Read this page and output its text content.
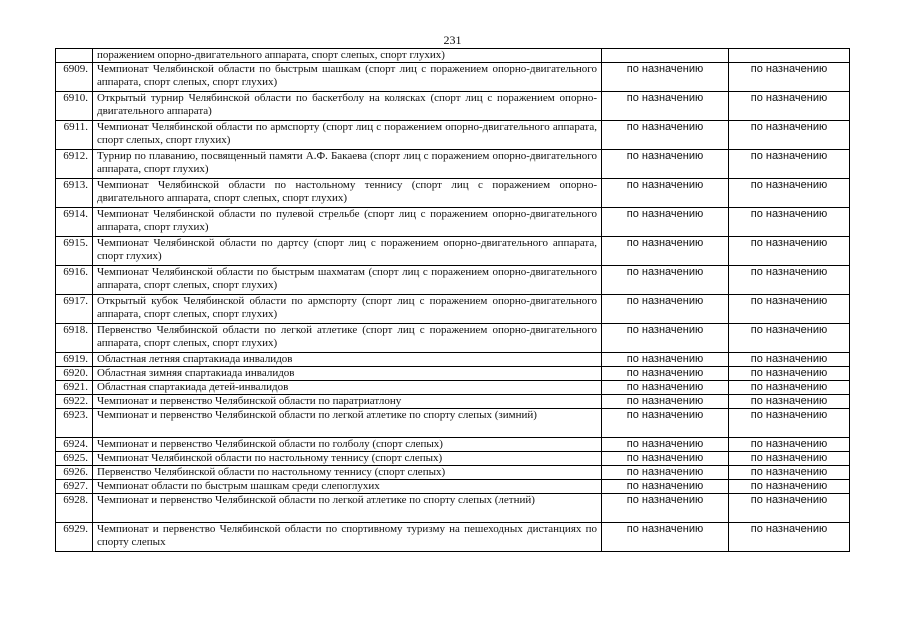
231
	поражением опорно-двигательного аппарата, спорт слепых, спорт глухих)		
6909.	Чемпионат Челябинской области по быстрым шашкам (спорт лиц с поражением опорно-двигательного аппарата, спорт слепых, спорт глухих)	по назначению	по назначению
6910.	Открытый турнир Челябинской области по баскетболу на колясках (спорт лиц с поражением опорно-двигательного аппарата)	по назначению	по назначению
6911.	Чемпионат Челябинской области по армспорту (спорт лиц с поражением опорно-двигательного аппарата, спорт слепых, спорт глухих)	по назначению	по назначению
6912.	Турнир по плаванию, посвященный памяти А.Ф. Бакаева (спорт лиц с поражением опорно-двигательного аппарата, спорт глухих)	по назначению	по назначению
6913.	Чемпионат Челябинской области по настольному теннису (спорт лиц с поражением опорно-двигательного аппарата, спорт слепых, спорт глухих)	по назначению	по назначению
6914.	Чемпионат Челябинской области по пулевой стрельбе (спорт лиц с поражением опорно-двигательного аппарата, спорт глухих)	по назначению	по назначению
6915.	Чемпионат Челябинской области по дартсу (спорт лиц с поражением опорно-двигательного аппарата, спорт глухих)	по назначению	по назначению
6916.	Чемпионат Челябинской области по быстрым шахматам (спорт лиц с поражением опорно-двигательного аппарата, спорт слепых, спорт глухих)	по назначению	по назначению
6917.	Открытый кубок Челябинской области по армспорту (спорт лиц с поражением опорно-двигательного аппарата, спорт слепых, спорт глухих)	по назначению	по назначению
6918.	Первенство Челябинской области по легкой атлетике (спорт лиц с поражением опорно-двигательного аппарата, спорт слепых, спорт глухих)	по назначению	по назначению
6919.	Областная летняя спартакиада инвалидов	по назначению	по назначению
6920.	Областная зимняя спартакиада инвалидов	по назначению	по назначению
6921.	Областная спартакиада детей-инвалидов	по назначению	по назначению
6922.	Чемпионат и первенство Челябинской области по паратриатлону	по назначению	по назначению
6923.	Чемпионат и первенство Челябинской области по легкой атлетике по спорту слепых (зимний)	по назначению	по назначению
6924.	Чемпионат и первенство Челябинской области по голболу (спорт слепых)	по назначению	по назначению
6925.	Чемпионат Челябинской области по настольному теннису (спорт слепых)	по назначению	по назначению
6926.	Первенство Челябинской области по настольному теннису (спорт слепых)	по назначению	по назначению
6927.	Чемпионат области по быстрым шашкам среди слепоглухих	по назначению	по назначению
6928.	Чемпионат и первенство Челябинской области по легкой атлетике по спорту слепых (летний)	по назначению	по назначению
6929.	Чемпионат и первенство Челябинской области по спортивному туризму на пешеходных дистанциях по спорту слепых	по назначению	по назначению
